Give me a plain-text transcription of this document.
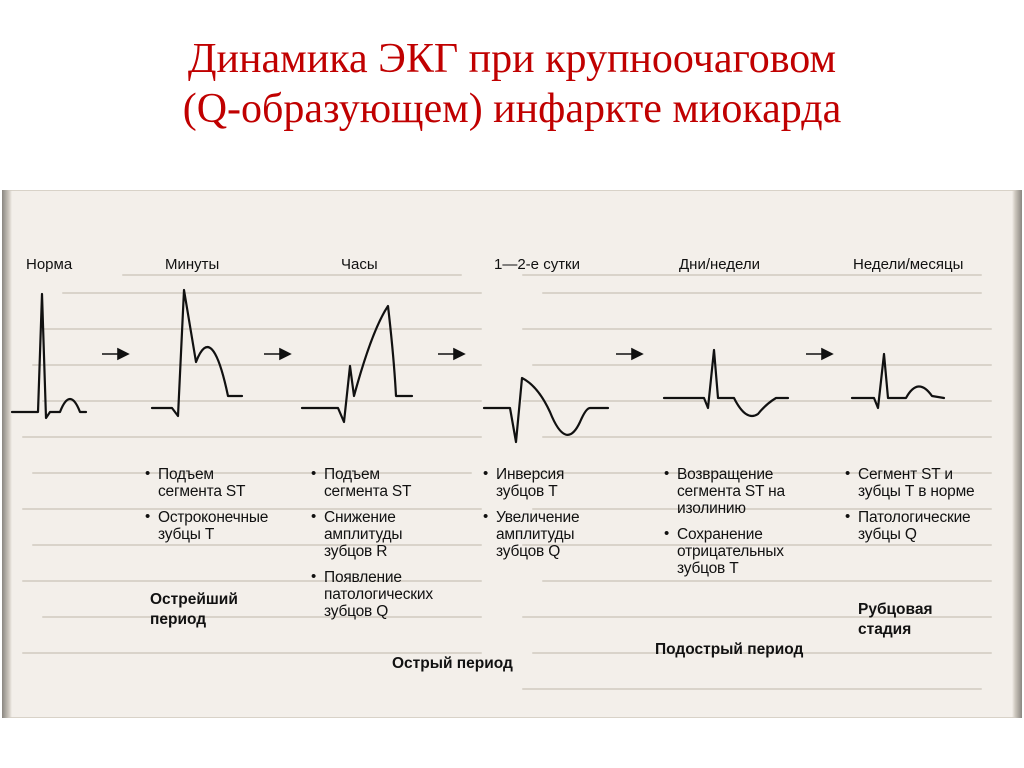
Динамика ЭКГ при крупноочаговом
(Q-образующем) инфаркте миокарда
Норма	Минуты	Часы	1—2-е сутки	Дни/недели	Недели/месяцы
• Подъем
сегмента ST
• Остроконечные
зубцы Т
• Подъем
сегмента ST
• Снижение
амплитуды
зубцов R
• Появление
патологических
зубцов Q
• Инверсия
зубцов Т
• Увеличение
амплитуды
зубцов Q
• Возвращение
сегмента ST на
изолинию
• Сохранение
отрицательных
зубцов Т
• Сегмент ST и
зубцы Т в норме
• Патологические
зубцы Q
Острейший
период
Острый период
Подострый период
Рубцовая
стадия
